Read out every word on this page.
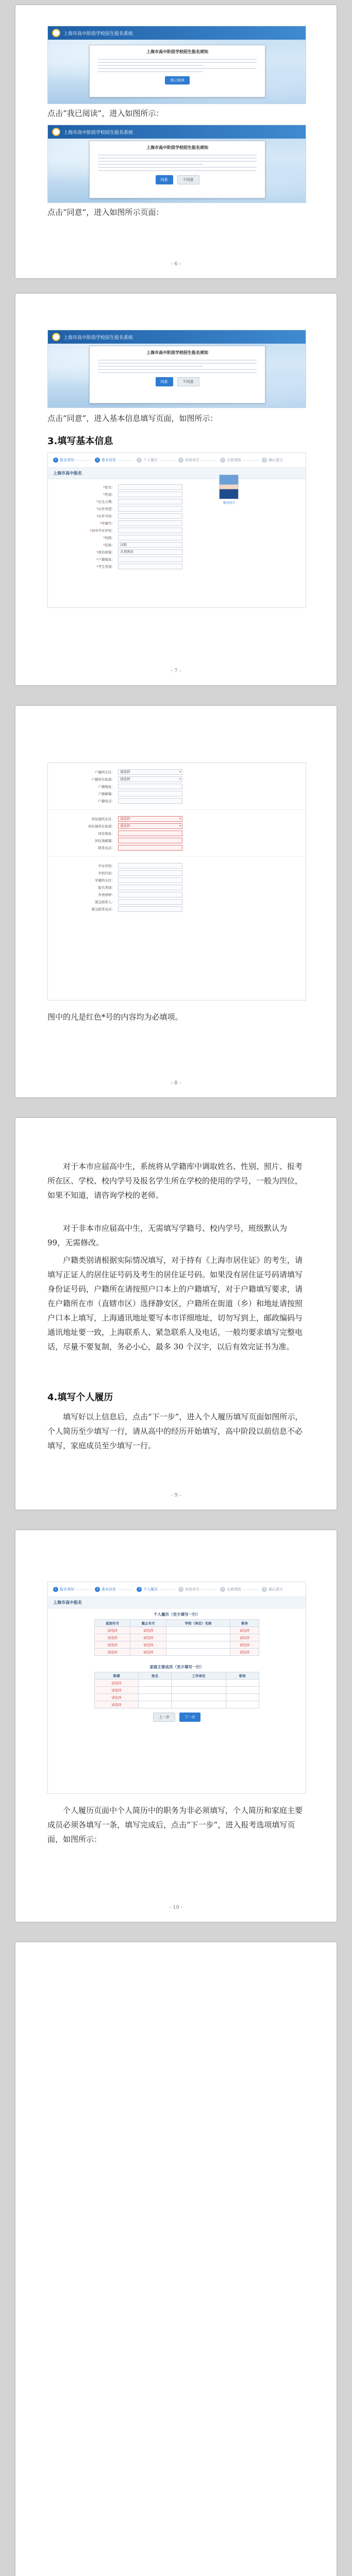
上海市高中阶段学校招生报名系统
上海市高中阶段学校招生报名须知
我已阅读

点击“我已阅读”，进入如图所示：

上海市高中阶段学校招生报名系统
上海市高中阶段学校招生报名须知
同意	不同意

点击“同意”，进入如图所示页面：

- 6 -
上海市高中阶段学校招生报名系统
上海市高中阶段学校招生报名须知
同意	不同意

点击“同意”，进入基本信息填写页面，如图所示：

3.填写基本信息
1 报名须知	2 基本信息	3 个人履历	4 家庭成员	5 志愿填报	6 确认提交
上海市高中报名
修改照片
*姓名：
*性别：
*出生日期：
*证件类型：
*证件号码：
*学籍号：
*初中毕业学校：
*班级：
*民族：	汉族
*政治面貌：	共青团员
*户籍地址：
*考生类别：
- 7 -
户籍所在区：	请选择 ▾
户籍所在街道：	请选择 ▾
户籍地址：
户籍邮编：
户籍电话：
居住地所在区：	请选择 ▾
居住地所在街道：	请选择 ▾
居住地址：
居住地邮编：
联系电话：
毕业学校：
学校代码：
学籍所在区：
报名类别：
外语语种：
紧急联系人：
紧急联系电话：

图中的凡是红色*号的内容均为必填项。

- 8 -

对于本市应届高中生，系统将从学籍库中调取姓名、性别、照片、报考所在区、学校、校内学号及报名学生所在学校的使用的学号，一般为四位，如果不知道，请咨询学校的老师。

对于非本市应届高中生，无需填写学籍号、校内学号，班级默认为 99，无需修改。

户籍类别请根据实际情况填写，对于持有《上海市居住证》的考生，请填写正证人的居住证号码及考生的居住证号码。如果没有居住证号码请填写身份证号码，户籍所在请按照户口本上的户籍填写，对于户籍填写要求，请在户籍所在市（直辖市区）选择静安区，户籍所在街道（乡）和地址请按照户口本上填写，上海通讯地址要写本市详细地址，切勿写到上，邮政编码与通讯地址要一致，上海联系人、紧急联系人及电话，一般均要求填写完整电话，尽量不要复制，务必小心，最多 30 个汉字，以后有效完证书为准。

4.填写个人履历

填写好以上信息后，点击“下一步”，进入个人履历填写页面如图所示，个人简历至少填写一行，请从高中的经历开始填写，高中阶段以前信息不必填写，家庭成员至少填写一行。

- 9 -
1 报名须知	2 基本信息	3 个人履历	4 家庭成员	5 志愿填报	6 确认提交
上海市高中报名
个人履历（至少填写一行）
起始年月	截止年月	学校（单位）名称	职务
请选择	请选择		请选择
请选择	请选择		请选择
请选择	请选择		请选择
请选择	请选择		请选择
家庭主要成员（至少填写一行）
称谓	姓名	工作单位	职务
请选择			
请选择			
请选择			
请选择			
上一步	下一步

个人履历页面中个人简历中的职务为非必须填写，个人简历和家庭主要成员必须各填写一条，填写完成后，点击“下一步”，进入报考选项填写页面，如图所示：

- 10 -
